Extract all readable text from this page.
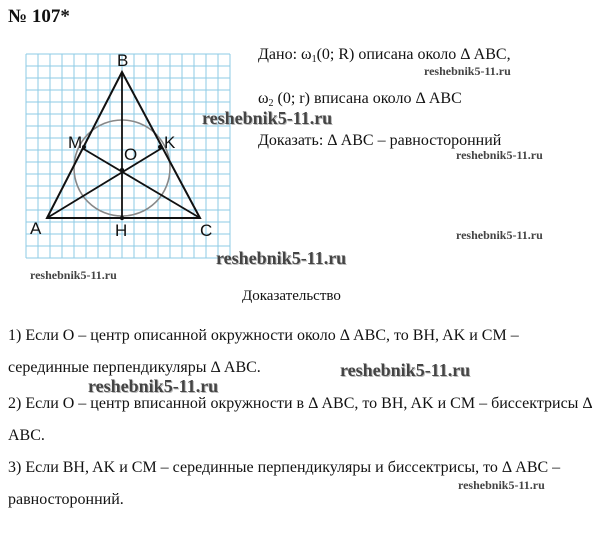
№ 107*
Дано: $\omega_1(0$; R) описана около Δ ABC,
$\omega_2$ (0; r) вписана около Δ ABC
Доказать: Δ ABC – равносторонний
B
M	K
O
A	H	C
reshebnik5-11.ru
reshebnik5-11.ru
reshebnik5-11.ru
reshebnik5-11.ru
reshebnik5-11.ru
reshebnik5-11.ru
reshebnik5-11.ru
reshebnik5-11.ru
reshebnik5-11.ru
Доказательство
1) Если О – центр описанной окружности около Δ ABC, то BH, AK и CM – серединные перпендикуляры Δ ABC.
2) Если О – центр вписанной окружности в Δ ABC, то BH, AK и CM – биссектрисы Δ ABC.
3) Если BH, AK и CM – серединные перпендикуляры и биссектрисы, то Δ ABC – равносторонний.
